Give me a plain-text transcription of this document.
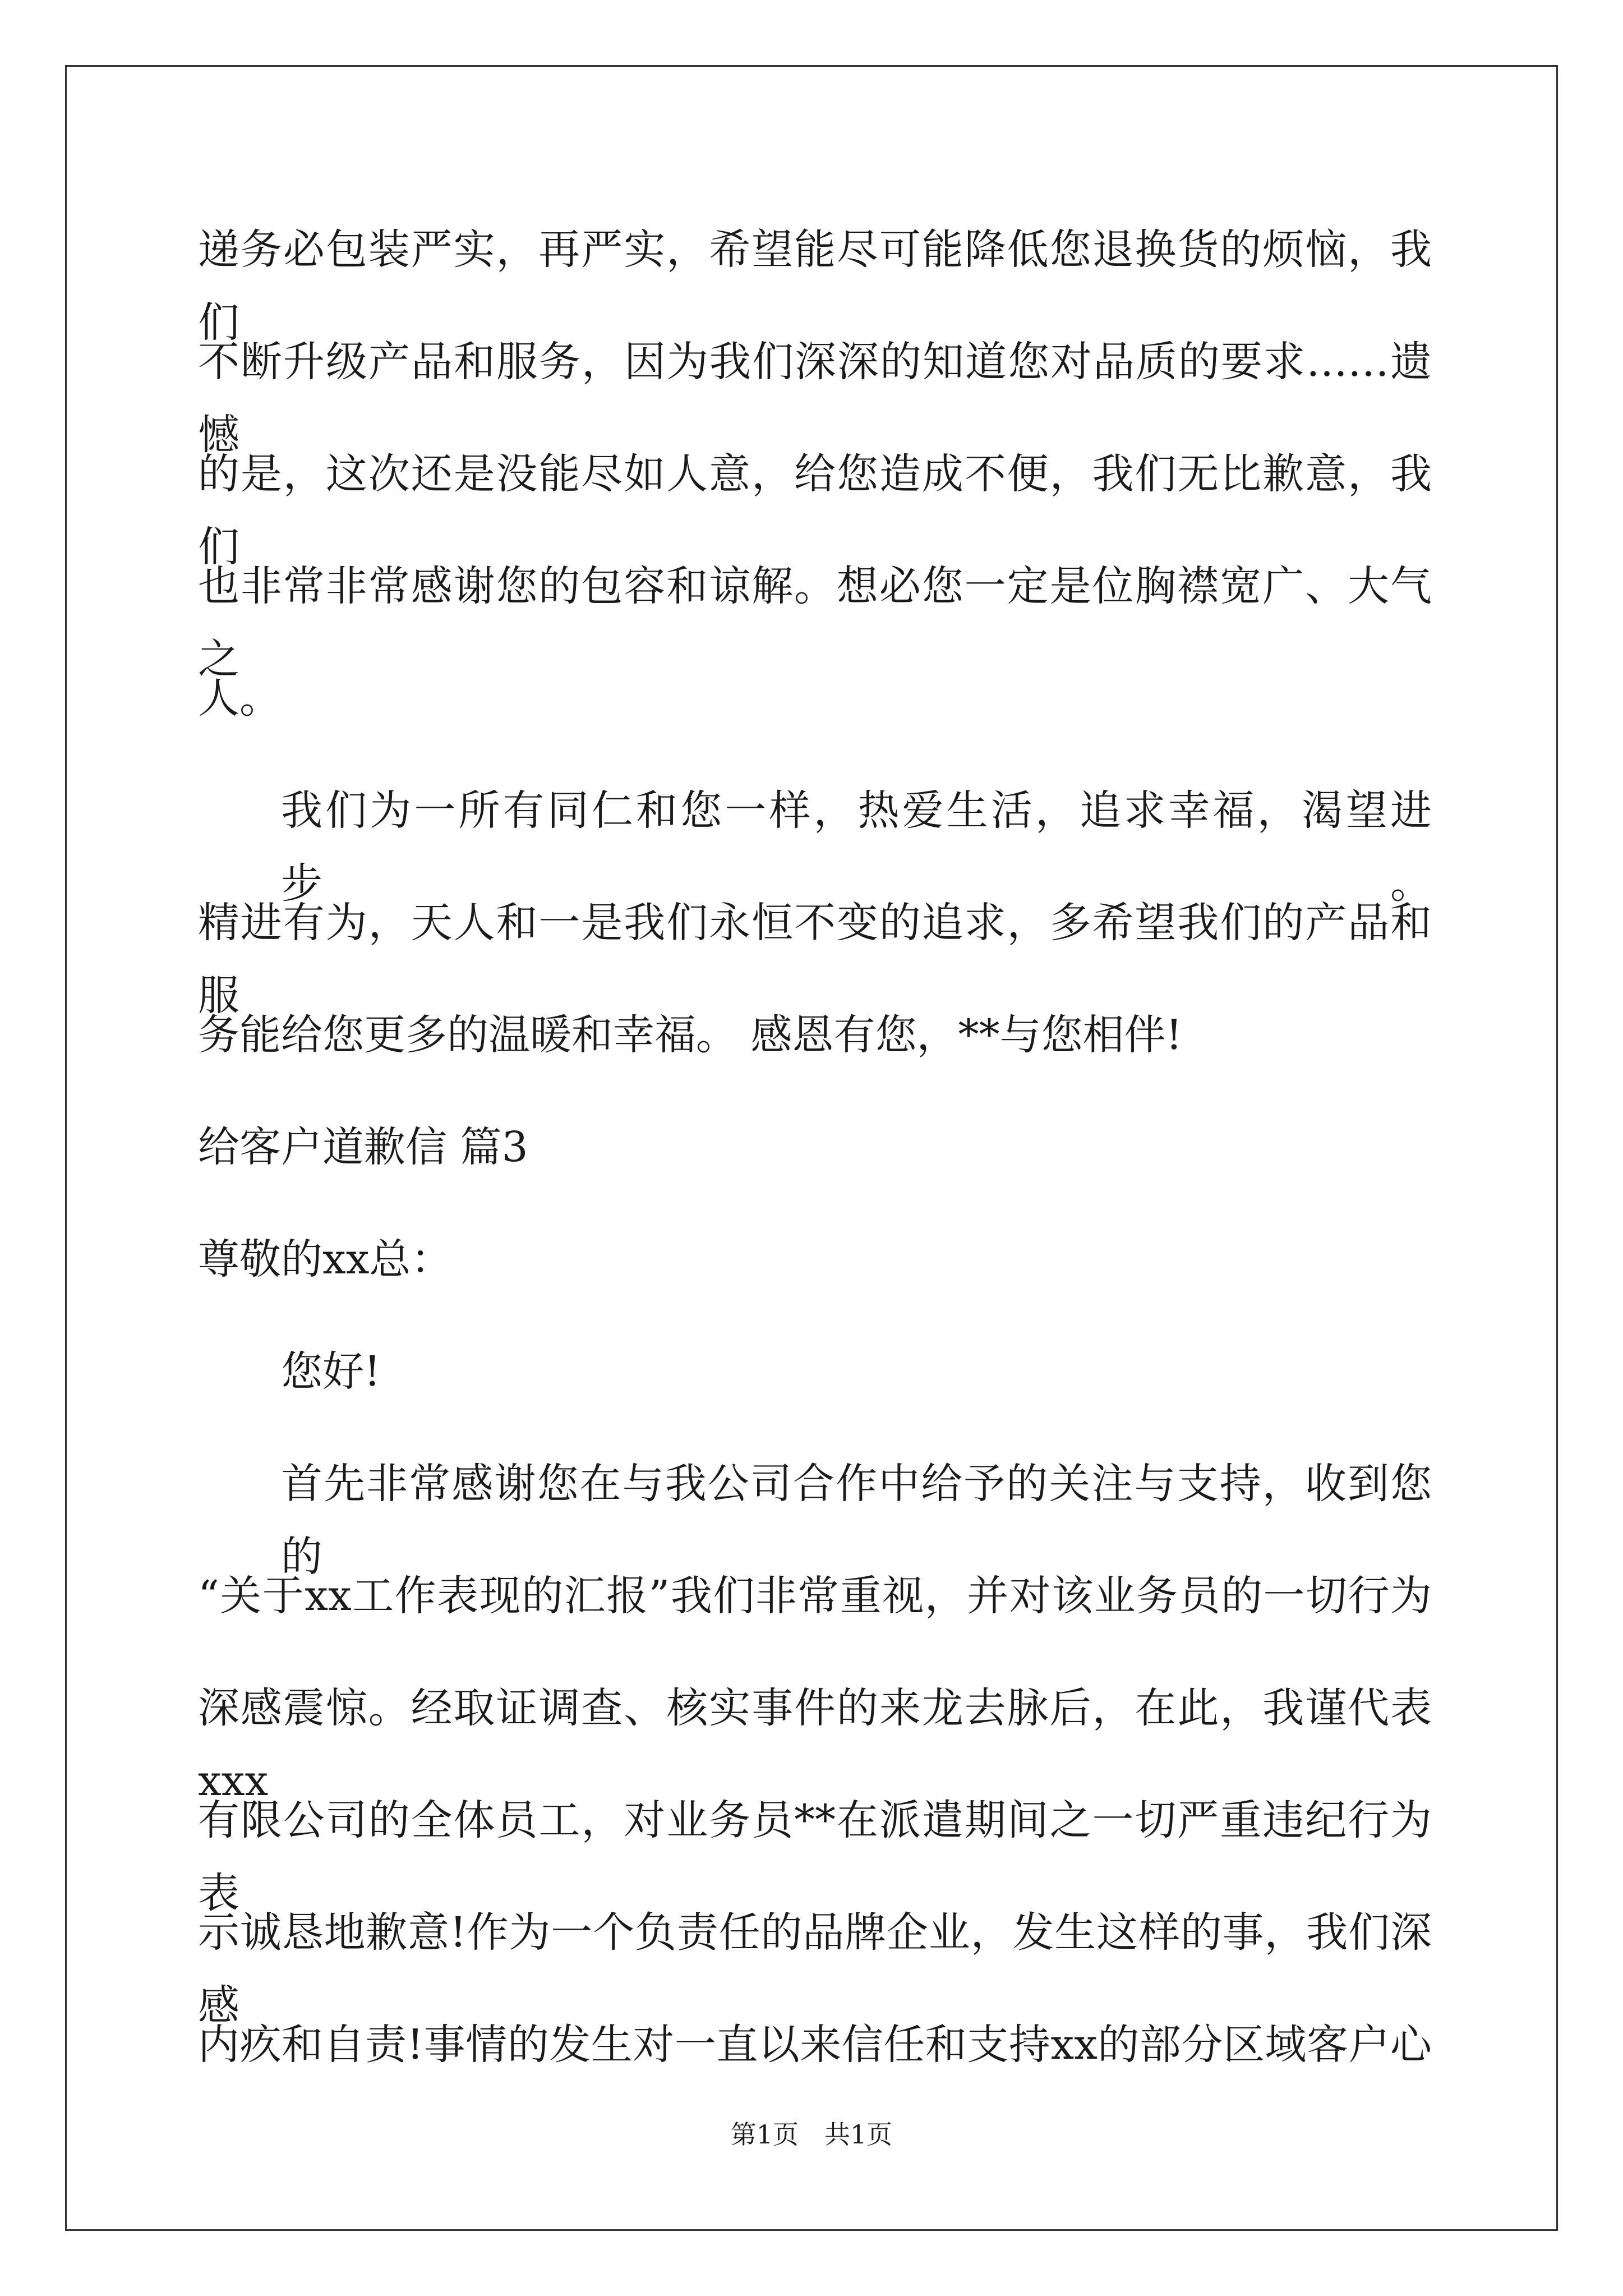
递务必包装严实，再严实，希望能尽可能降低您退换货的烦恼，我们
不断升级产品和服务，因为我们深深的知道您对品质的要求……遗憾
的是，这次还是没能尽如人意，给您造成不便，我们无比歉意，我们
也非常非常感谢您的包容和谅解。想必您一定是位胸襟宽广、大气之
人。
我们为一所有同仁和您一样，热爱生活，追求幸福，渴望进步。
精进有为，天人和一是我们永恒不变的追求，多希望我们的产品和服
务能给您更多的温暖和幸福。 感恩有您，**与您相伴!
给客户道歉信 篇3
尊敬的xx总：
您好!
首先非常感谢您在与我公司合作中给予的关注与支持，收到您的
“关于xx工作表现的汇报”我们非常重视，并对该业务员的一切行为
深感震惊。经取证调查、核实事件的来龙去脉后，在此，我谨代表xxx
有限公司的全体员工，对业务员**在派遣期间之一切严重违纪行为表
示诚恳地歉意!作为一个负责任的品牌企业，发生这样的事，我们深感
内疚和自责!事情的发生对一直以来信任和支持xx的部分区域客户心
第1页 共1页
